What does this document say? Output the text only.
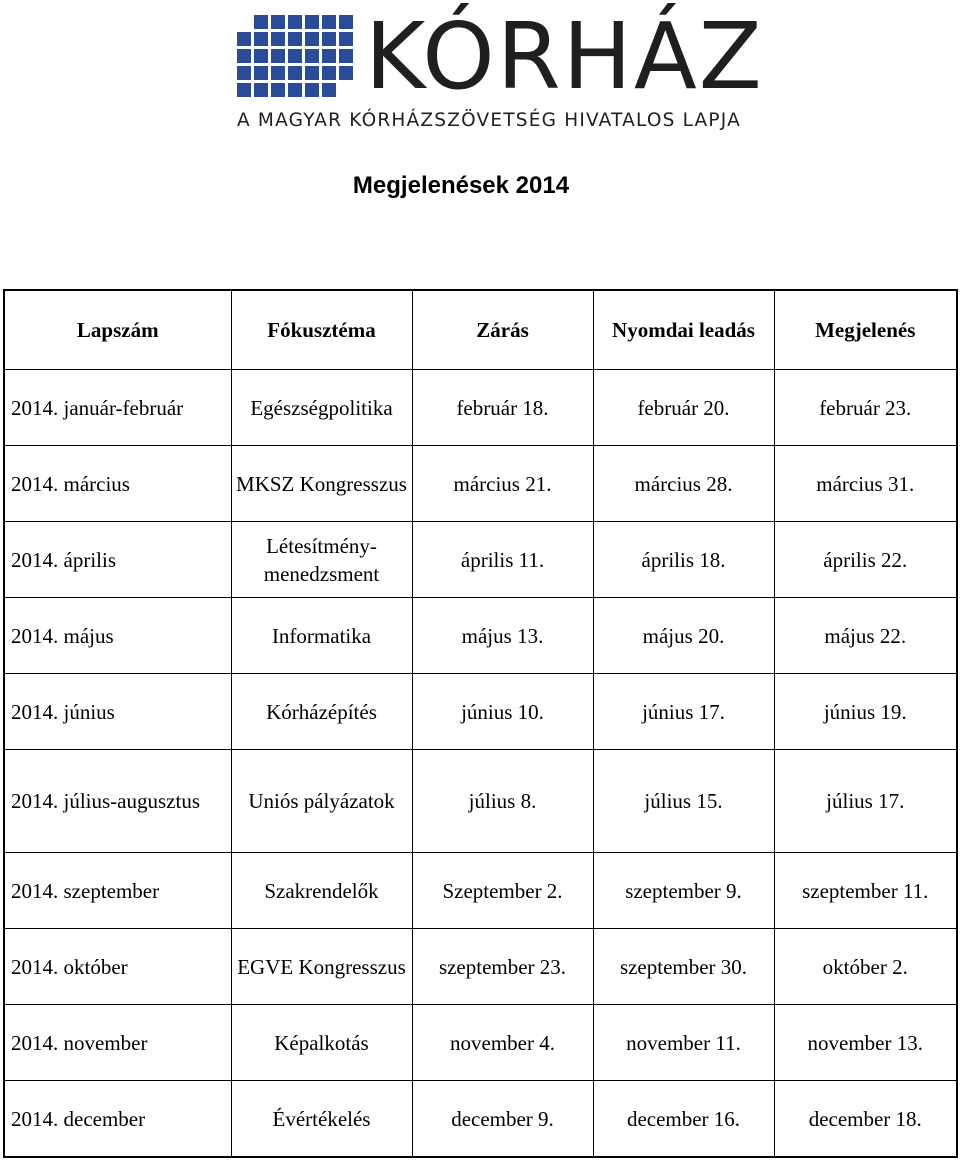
KÓRHÁZ
A MAGYAR KÓRHÁZSZÖVETSÉG HIVATALOS LAPJA
Megjelenések 2014
Lapszám	Fókusztéma	Zárás	Nyomdai leadás	Megjelenés
2014. január-február	Egészségpolitika	február 18.	február 20.	február 23.
2014. március	MKSZ Kongresszus	március 21.	március 28.	március 31.
2014. április	Létesítmény-menedzsment	április 11.	április 18.	április 22.
2014. május	Informatika	május 13.	május 20.	május 22.
2014. június	Kórházépítés	június 10.	június 17.	június 19.
2014. július-augusztus	Uniós pályázatok	július 8.	július 15.	július 17.
2014. szeptember	Szakrendelők	Szeptember 2.	szeptember 9.	szeptember 11.
2014. október	EGVE Kongresszus	szeptember 23.	szeptember 30.	október 2.
2014. november	Képalkotás	november 4.	november 11.	november 13.
2014. december	Évértékelés	december 9.	december 16.	december 18.
